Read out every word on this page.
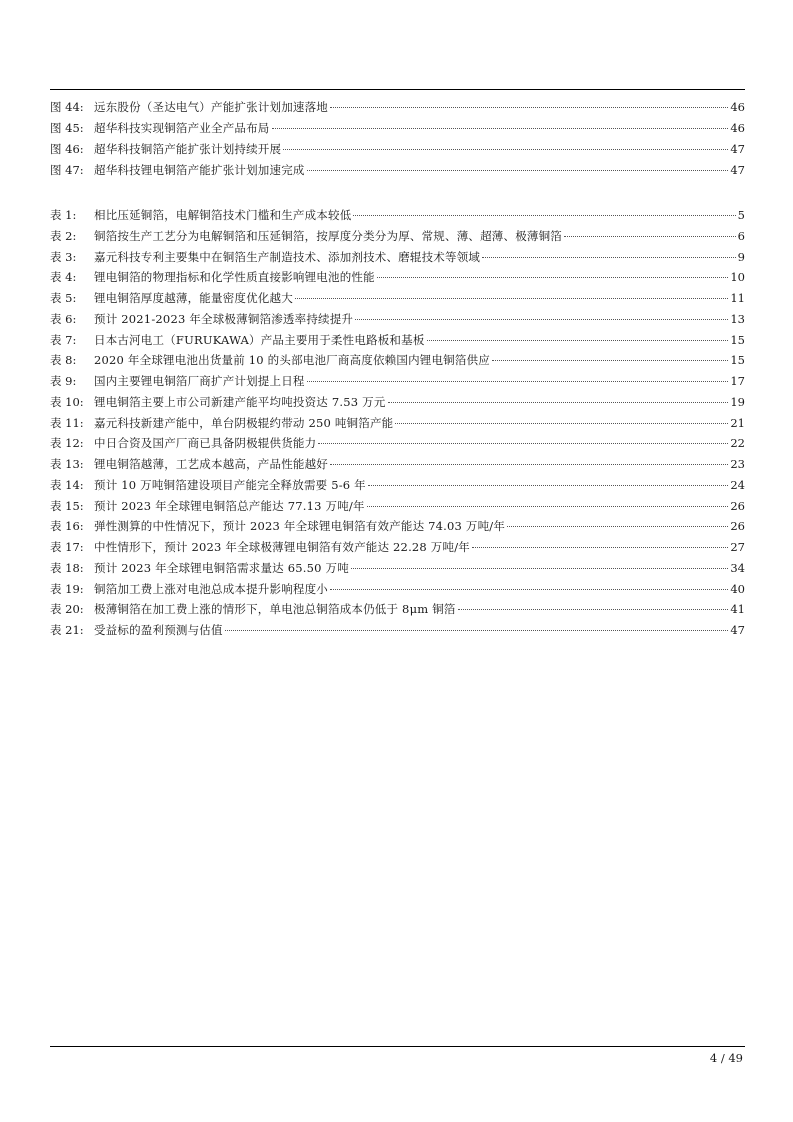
图 44: 远东股份（圣达电气）产能扩张计划加速落地	46
图 45: 超华科技实现铜箔产业全产品布局	46
图 46: 超华科技铜箔产能扩张计划持续开展	47
图 47: 超华科技锂电铜箔产能扩张计划加速完成	47
表 1:	相比压延铜箔，电解铜箔技术门槛和生产成本较低	5
表 2:	铜箔按生产工艺分为电解铜箔和压延铜箔，按厚度分类分为厚、常规、薄、超薄、极薄铜箔	6
表 3:	嘉元科技专利主要集中在铜箔生产制造技术、添加剂技术、磨辊技术等领域	9
表 4:	锂电铜箔的物理指标和化学性质直接影响锂电池的性能	10
表 5:	锂电铜箔厚度越薄，能量密度优化越大	11
表 6:	预计 2021-2023 年全球极薄铜箔渗透率持续提升	13
表 7:	日本古河电工（FURUKAWA）产品主要用于柔性电路板和基板	15
表 8:	2020 年全球锂电池出货量前 10 的头部电池厂商高度依赖国内锂电铜箔供应	15
表 9:	国内主要锂电铜箔厂商扩产计划提上日程	17
表 10: 锂电铜箔主要上市公司新建产能平均吨投资达 7.53 万元	19
表 11: 嘉元科技新建产能中，单台阴极辊约带动 250 吨铜箔产能	21
表 12: 中日合资及国产厂商已具备阴极辊供货能力	22
表 13: 锂电铜箔越薄，工艺成本越高，产品性能越好	23
表 14: 预计 10 万吨铜箔建设项目产能完全释放需要 5-6 年	24
表 15: 预计 2023 年全球锂电铜箔总产能达 77.13 万吨/年	26
表 16: 弹性测算的中性情况下，预计 2023 年全球锂电铜箔有效产能达 74.03 万吨/年	26
表 17: 中性情形下，预计 2023 年全球极薄锂电铜箔有效产能达 22.28 万吨/年	27
表 18: 预计 2023 年全球锂电铜箔需求量达 65.50 万吨	34
表 19: 铜箔加工费上涨对电池总成本提升影响程度小	40
表 20: 极薄铜箔在加工费上涨的情形下，单电池总铜箔成本仍低于 8μm 铜箔	41
表 21: 受益标的盈利预测与估值	47
4 / 49
